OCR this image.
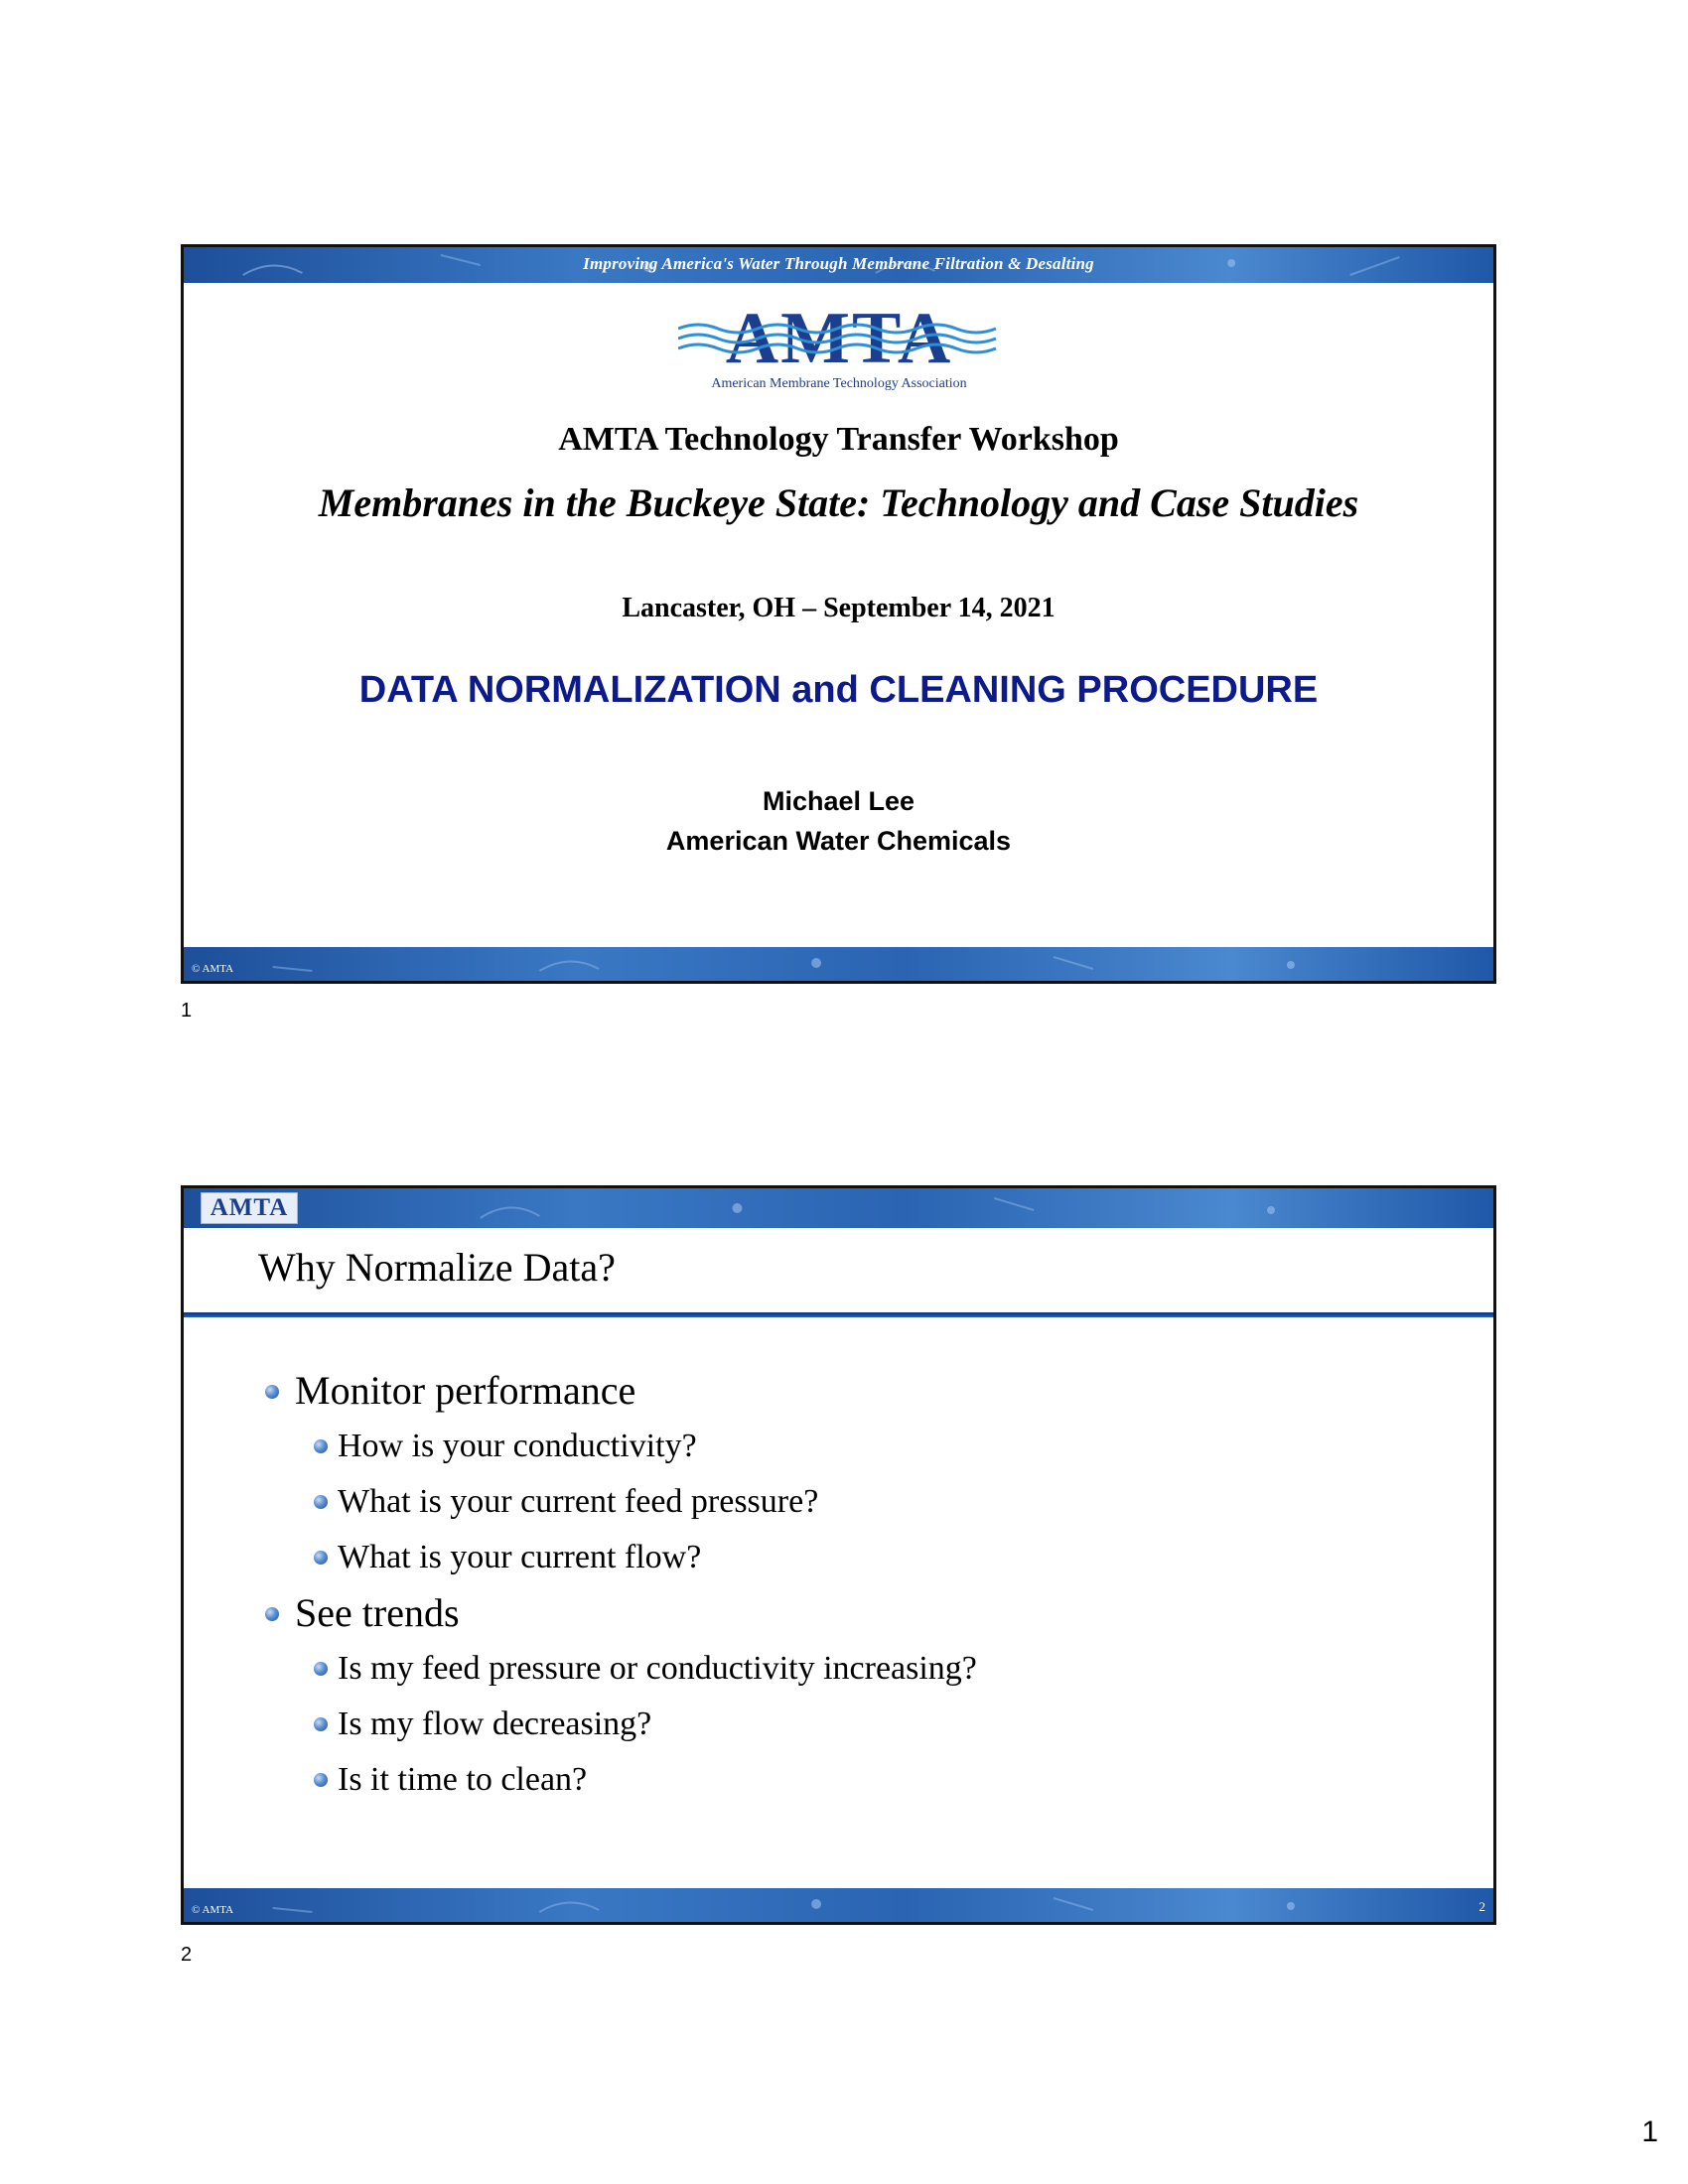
Improving America's Water Through Membrane Filtration & Desalting
AMTA
American Membrane Technology Association
AMTA Technology Transfer Workshop
Membranes in the Buckeye State: Technology and Case Studies
Lancaster, OH – September 14, 2021
DATA NORMALIZATION and CLEANING PROCEDURE
Michael Lee
American Water Chemicals
© AMTA
1
AMTA
Why Normalize Data?
Monitor performance
How is your conductivity?
What is your current feed pressure?
What is your current flow?
See trends
Is my feed pressure or conductivity increasing?
Is my flow decreasing?
Is it time to clean?
© AMTA	2
2
1
